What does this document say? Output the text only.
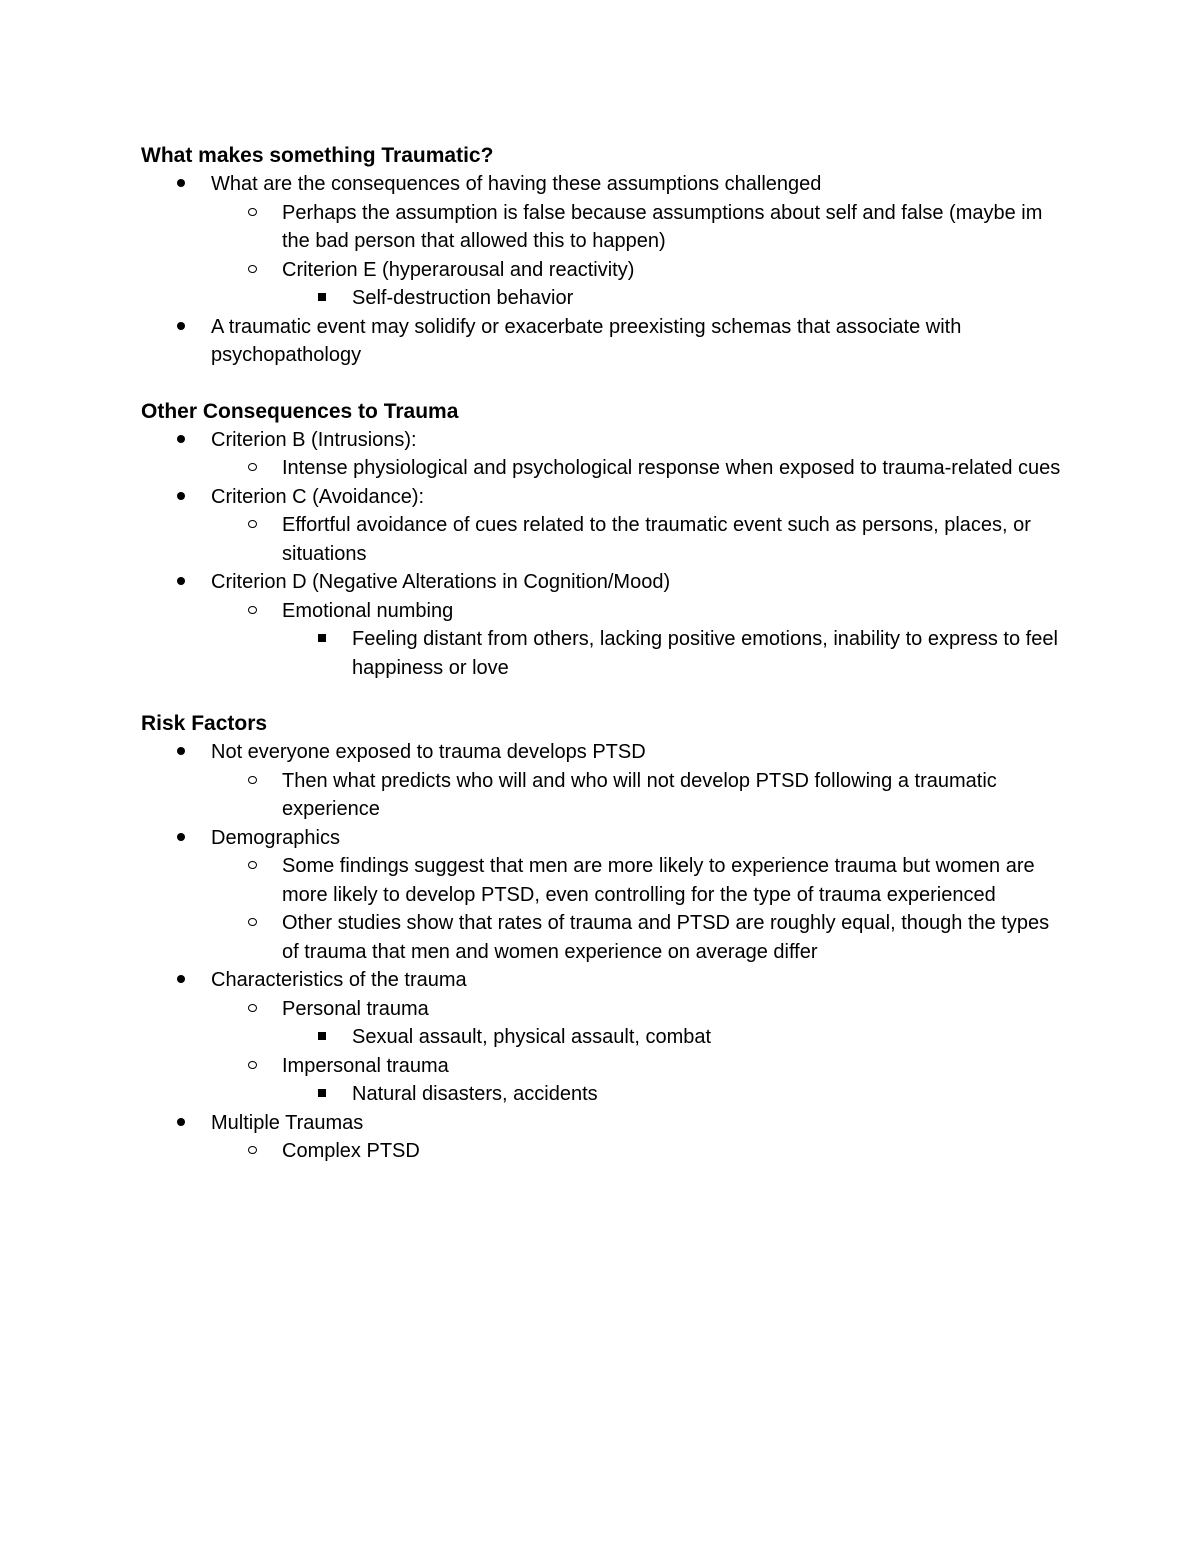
What makes something Traumatic?
What are the consequences of having these assumptions challenged
Perhaps the assumption is false because assumptions about self and false (maybe im the bad person that allowed this to happen)
Criterion E (hyperarousal and reactivity)
Self-destruction behavior
A traumatic event may solidify or exacerbate preexisting schemas that associate with psychopathology
Other Consequences to Trauma
Criterion B (Intrusions):
Intense physiological and psychological response when exposed to trauma-related cues
Criterion C (Avoidance):
Effortful avoidance of cues related to the traumatic event such as persons, places, or situations
Criterion D (Negative Alterations in Cognition/Mood)
Emotional numbing
Feeling distant from others, lacking positive emotions, inability to express to feel happiness or love
Risk Factors
Not everyone exposed to trauma develops PTSD
Then what predicts who will and who will not develop PTSD following a traumatic experience
Demographics
Some findings suggest that men are more likely to experience trauma but women are more likely to develop PTSD, even controlling for the type of trauma experienced
Other studies show that rates of trauma and PTSD are roughly equal, though the types of trauma that men and women experience on average differ
Characteristics of the trauma
Personal trauma
Sexual assault, physical assault, combat
Impersonal trauma
Natural disasters, accidents
Multiple Traumas
Complex PTSD
